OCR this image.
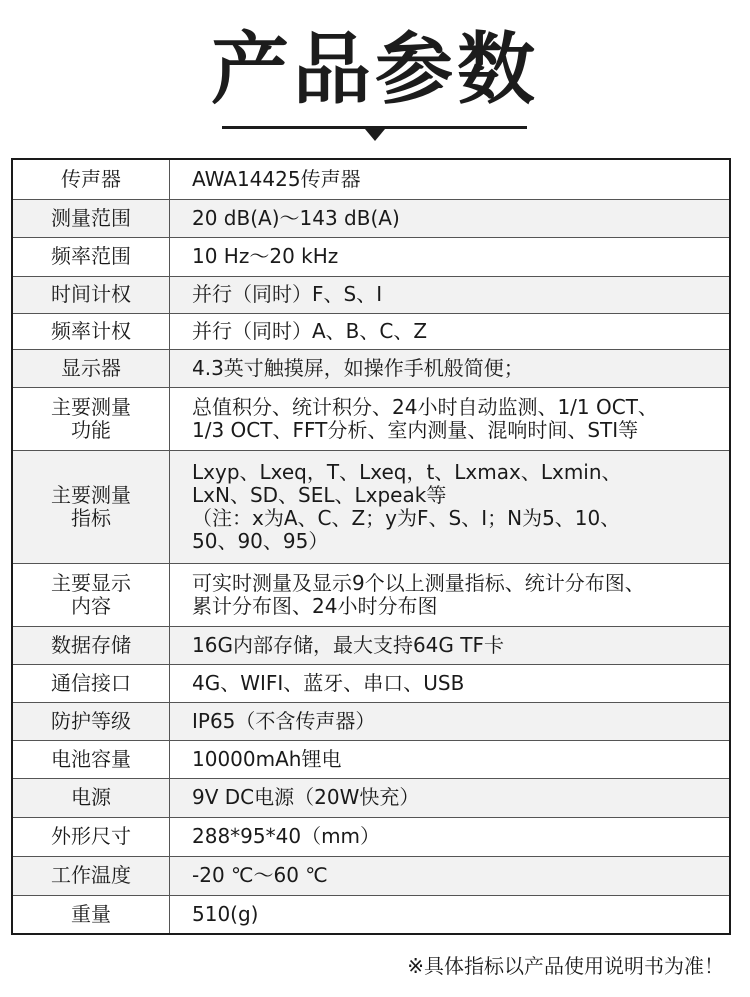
产品参数
传声器	AWA14425传声器
测量范围	20 dB(A)～143 dB(A)
频率范围	10 Hz～20 kHz
时间计权	并行（同时）F、S、I
频率计权	并行（同时）A、B、C、Z
显示器	4.3英寸触摸屏，如操作手机般简便；
主要测量
功能	总值积分、统计积分、24小时自动监测、1/1 OCT、
1/3 OCT、FFT分析、室内测量、混响时间、STI等
主要测量
指标	Lxyp、Lxeq，T、Lxeq，t、Lxmax、Lxmin、
LxN、SD、SEL、Lxpeak等
（注：x为A、C、Z；y为F、S、I；N为5、10、
50、90、95）
主要显示
内容	可实时测量及显示9个以上测量指标、统计分布图、
累计分布图、24小时分布图
数据存储	16G内部存储，最大支持64G TF卡
通信接口	4G、WIFI、蓝牙、串口、USB
防护等级	IP65（不含传声器）
电池容量	10000mAh锂电
电源	9V DC电源（20W快充）
外形尺寸	288*95*40（mm）
工作温度	-20 ℃～60 ℃
重量	510(g)
※具体指标以产品使用说明书为准！
